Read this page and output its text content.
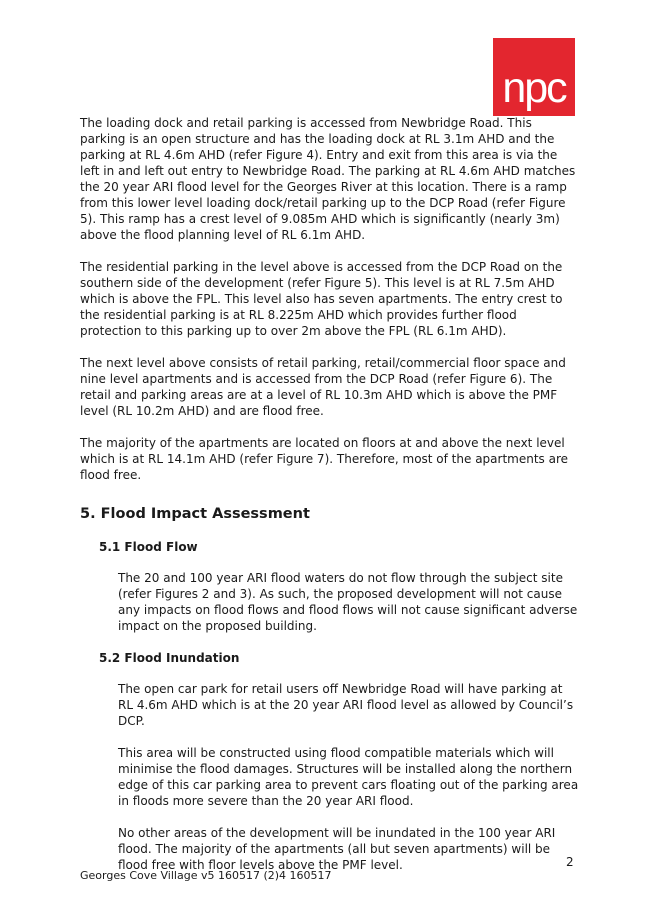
npc

The loading dock and retail parking is accessed from Newbridge Road. This parking is an open structure and has the loading dock at RL 3.1m AHD and the parking at RL 4.6m AHD (refer Figure 4). Entry and exit from this area is via the left in and left out entry to Newbridge Road. The parking at RL 4.6m AHD matches the 20 year ARI flood level for the Georges River at this location. There is a ramp from this lower level loading dock/retail parking up to the DCP Road (refer Figure 5). This ramp has a crest level of 9.085m AHD which is significantly (nearly 3m) above the flood planning level of RL 6.1m AHD.

The residential parking in the level above is accessed from the DCP Road on the southern side of the development (refer Figure 5). This level is at RL 7.5m AHD which is above the FPL. This level also has seven apartments. The entry crest to the residential parking is at RL 8.225m AHD which provides further flood protection to this parking up to over 2m above the FPL (RL 6.1m AHD).

The next level above consists of retail parking, retail/commercial floor space and nine level apartments and is accessed from the DCP Road (refer Figure 6). The retail and parking areas are at a level of RL 10.3m AHD which is above the PMF level (RL 10.2m AHD) and are flood free.

The majority of the apartments are located on floors at and above the next level which is at RL 14.1m AHD (refer Figure 7). Therefore, most of the apartments are flood free.

5. Flood Impact Assessment
5.1 Flood Flow

The 20 and 100 year ARI flood waters do not flow through the subject site (refer Figures 2 and 3). As such, the proposed development will not cause any impacts on flood flows and flood flows will not cause significant adverse impact on the proposed building.

5.2 Flood Inundation

The open car park for retail users off Newbridge Road will have parking at RL 4.6m AHD which is at the 20 year ARI flood level as allowed by Council’s DCP.

This area will be constructed using flood compatible materials which will minimise the flood damages. Structures will be installed along the northern edge of this car parking area to prevent cars floating out of the parking area in floods more severe than the 20 year ARI flood.

No other areas of the development will be inundated in the 100 year ARI flood. The majority of the apartments (all but seven apartments) will be flood free with floor levels above the PMF level.	2
Georges Cove Village v5 160517 (2)4 160517
